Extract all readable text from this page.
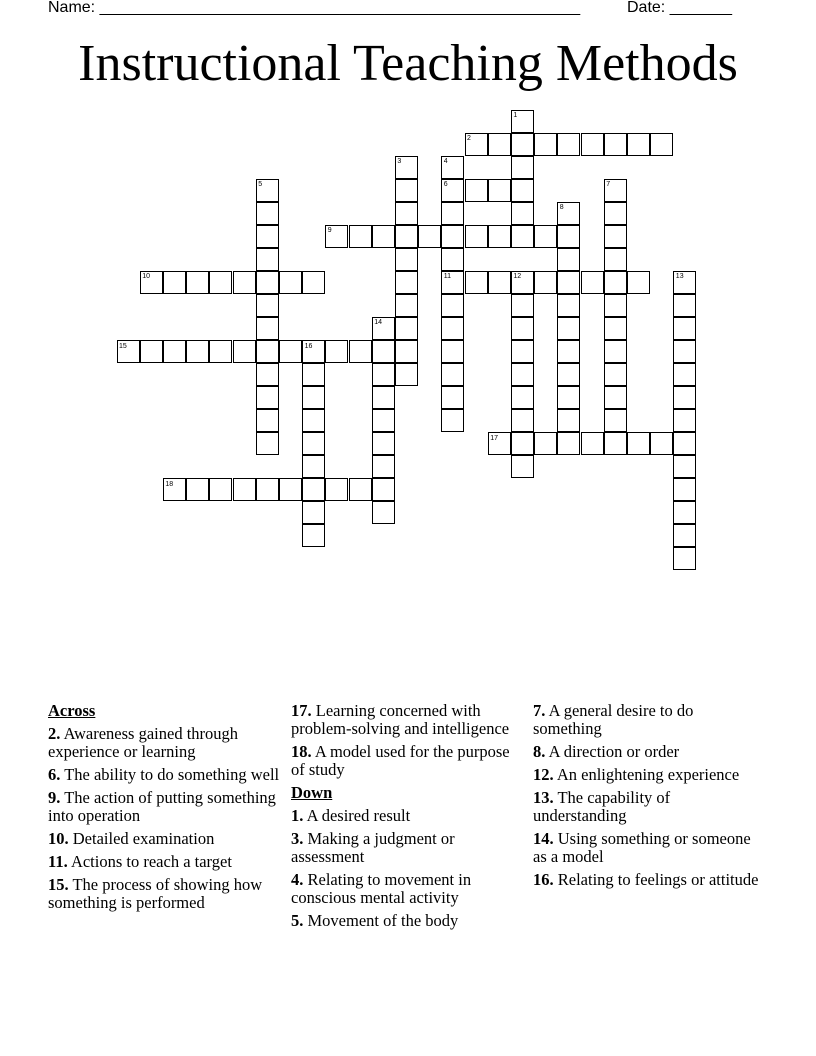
Name: ______________________________________________________	Date: _______
Instructional Teaching Methods
1
2
3	4
5	6	7
8
9
10	11	12	13
14
15	16
17
18
Across
2. Awareness gained through experience or learning
6. The ability to do something well
9. The action of putting something into operation
10. Detailed examination
11. Actions to reach a target
15. The process of showing how something is performed
17. Learning concerned with problem-solving and intelligence
18. A model used for the purpose of study
Down
1. A desired result
3. Making a judgment or assessment
4. Relating to movement in conscious mental activity
5. Movement of the body
7. A general desire to do something
8. A direction or order
12. An enlightening experience
13. The capability of understanding
14. Using something or someone as a model
16. Relating to feelings or attitude
